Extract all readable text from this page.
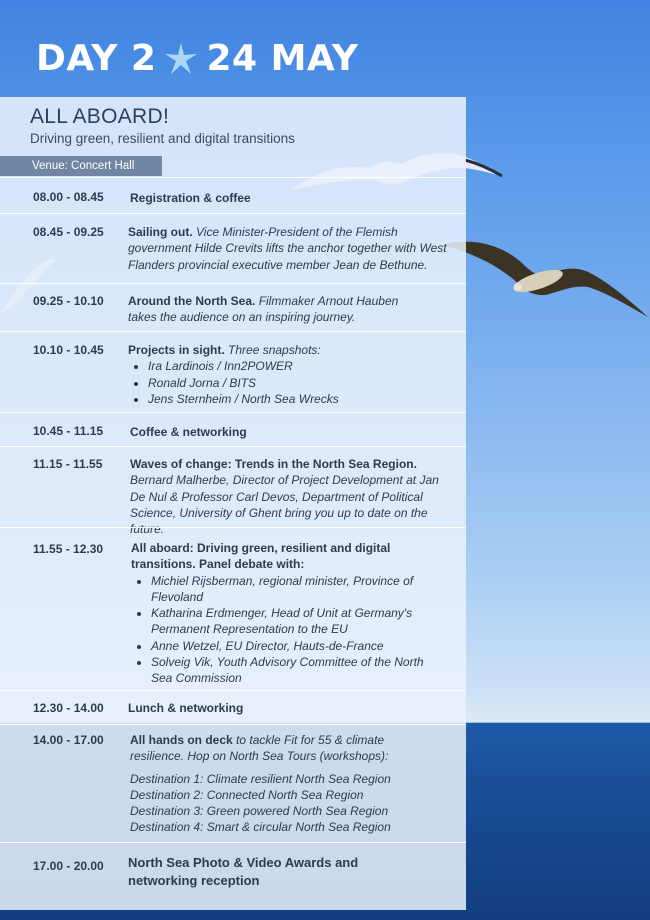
DAY 2 24 MAY
ALL ABOARD!
Driving green, resilient and digital transitions
Venue: Concert Hall
08.00 - 08.45 Registration & coffee
08.45 - 09.25 Sailing out. Vice Minister-President of the Flemish government Hilde Crevits lifts the anchor together with West Flanders provincial executive member Jean de Bethune.
09.25 - 10.10 Around the North Sea. Filmmaker Arnout Hauben takes the audience on an inspiring journey.
10.10 - 10.45 Projects in sight. Three snapshots:
• Ira Lardinois / Inn2POWER
• Ronald Jorna / BITS
• Jens Sternheim / North Sea Wrecks
10.45 - 11.15 Coffee & networking
11.15 - 11.55 Waves of change: Trends in the North Sea Region.
Bernard Malherbe, Director of Project Development at Jan De Nul & Professor Carl Devos, Department of Political Science, University of Ghent bring you up to date on the future.
11.55 - 12.30 All aboard: Driving green, resilient and digital transitions. Panel debate with:
• Michiel Rijsberman, regional minister, Province of Flevoland
• Katharina Erdmenger, Head of Unit at Germany's Permanent Representation to the EU
• Anne Wetzel, EU Director, Hauts-de-France
• Solveig Vik, Youth Advisory Committee of the North Sea Commission
12.30 - 14.00 Lunch & networking
14.00 - 17.00 All hands on deck to tackle Fit for 55 & climate resilience. Hop on North Sea Tours (workshops):
Destination 1: Climate resilient North Sea Region
Destination 2: Connected North Sea Region
Destination 3: Green powered North Sea Region
Destination 4: Smart & circular North Sea Region
17.00 - 20.00 North Sea Photo & Video Awards and networking reception
